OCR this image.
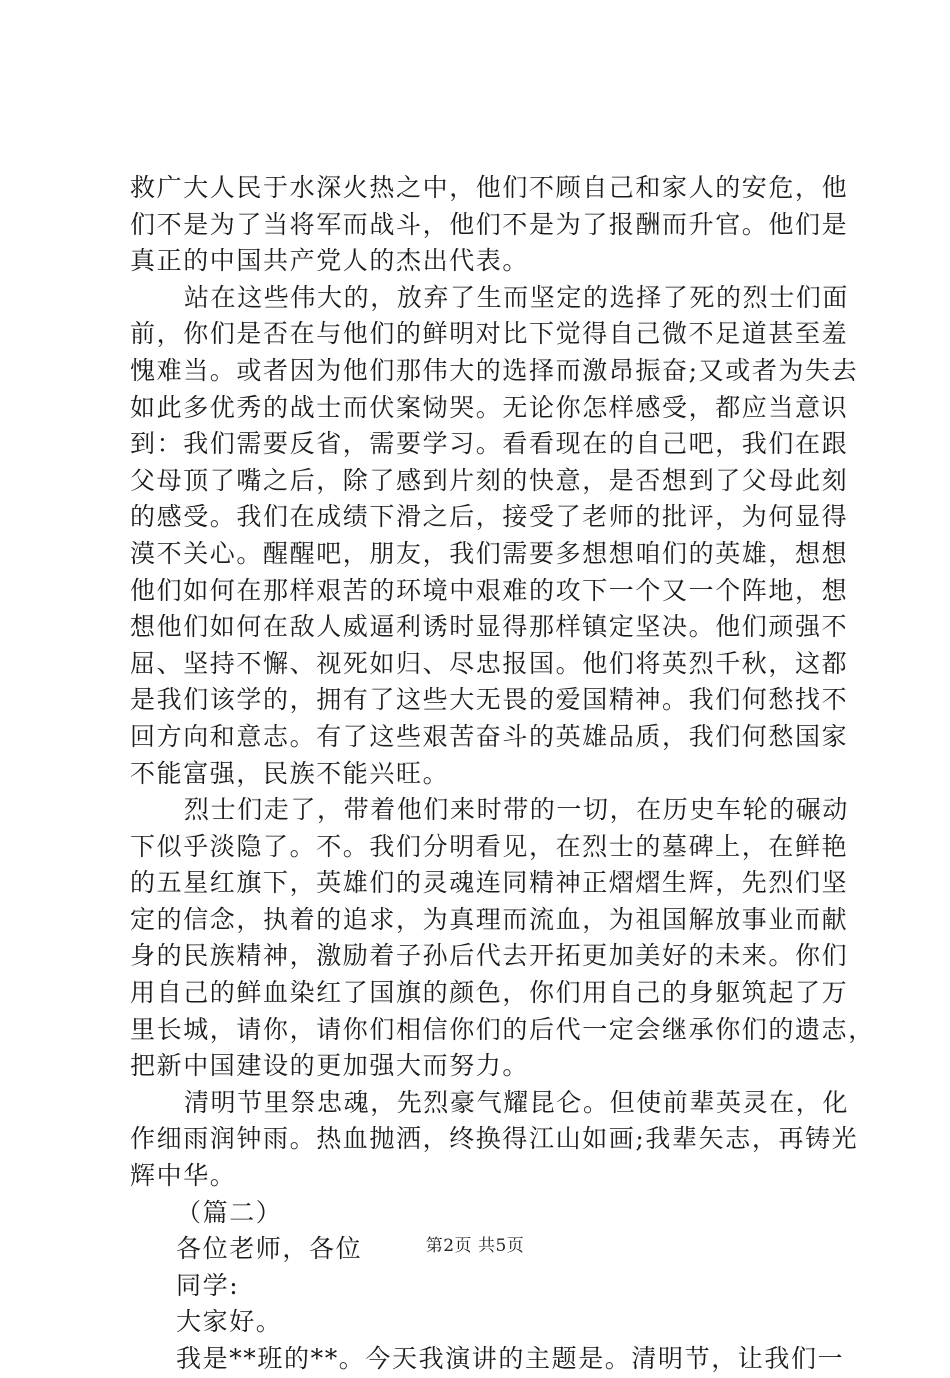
救广大人民于水深火热之中，他们不顾自己和家人的安危，他
们不是为了当将军而战斗，他们不是为了报酬而升官。他们是
真正的中国共产党人的杰出代表。
站在这些伟大的，放弃了生而坚定的选择了死的烈士们面
前，你们是否在与他们的鲜明对比下觉得自己微不足道甚至羞
愧难当。或者因为他们那伟大的选择而激昂振奋;又或者为失去
如此多优秀的战士而伏案恸哭。无论你怎样感受，都应当意识
到：我们需要反省，需要学习。看看现在的自己吧，我们在跟
父母顶了嘴之后，除了感到片刻的快意，是否想到了父母此刻
的感受。我们在成绩下滑之后，接受了老师的批评，为何显得
漠不关心。醒醒吧，朋友，我们需要多想想咱们的英雄，想想
他们如何在那样艰苦的环境中艰难的攻下一个又一个阵地，想
想他们如何在敌人威逼利诱时显得那样镇定坚决。他们顽强不
屈、坚持不懈、视死如归、尽忠报国。他们将英烈千秋，这都
是我们该学的，拥有了这些大无畏的爱国精神。我们何愁找不
回方向和意志。有了这些艰苦奋斗的英雄品质，我们何愁国家
不能富强，民族不能兴旺。
烈士们走了，带着他们来时带的一切，在历史车轮的碾动
下似乎淡隐了。不。我们分明看见，在烈士的墓碑上，在鲜艳
的五星红旗下，英雄们的灵魂连同精神正熠熠生辉，先烈们坚
定的信念，执着的追求，为真理而流血，为祖国解放事业而献
身的民族精神，激励着子孙后代去开拓更加美好的未来。你们
用自己的鲜血染红了国旗的颜色，你们用自己的身躯筑起了万
里长城，请你，请你们相信你们的后代一定会继承你们的遗志，
把新中国建设的更加强大而努力。
清明节里祭忠魂，先烈豪气耀昆仑。但使前辈英灵在，化
作细雨润钟雨。热血抛洒，终换得江山如画;我辈矢志，再铸光
辉中华。
（篇二）
各位老师，各位
同学:
大家好。
我是**班的**。今天我演讲的主题是。清明节，让我们一
第2页 共5页
